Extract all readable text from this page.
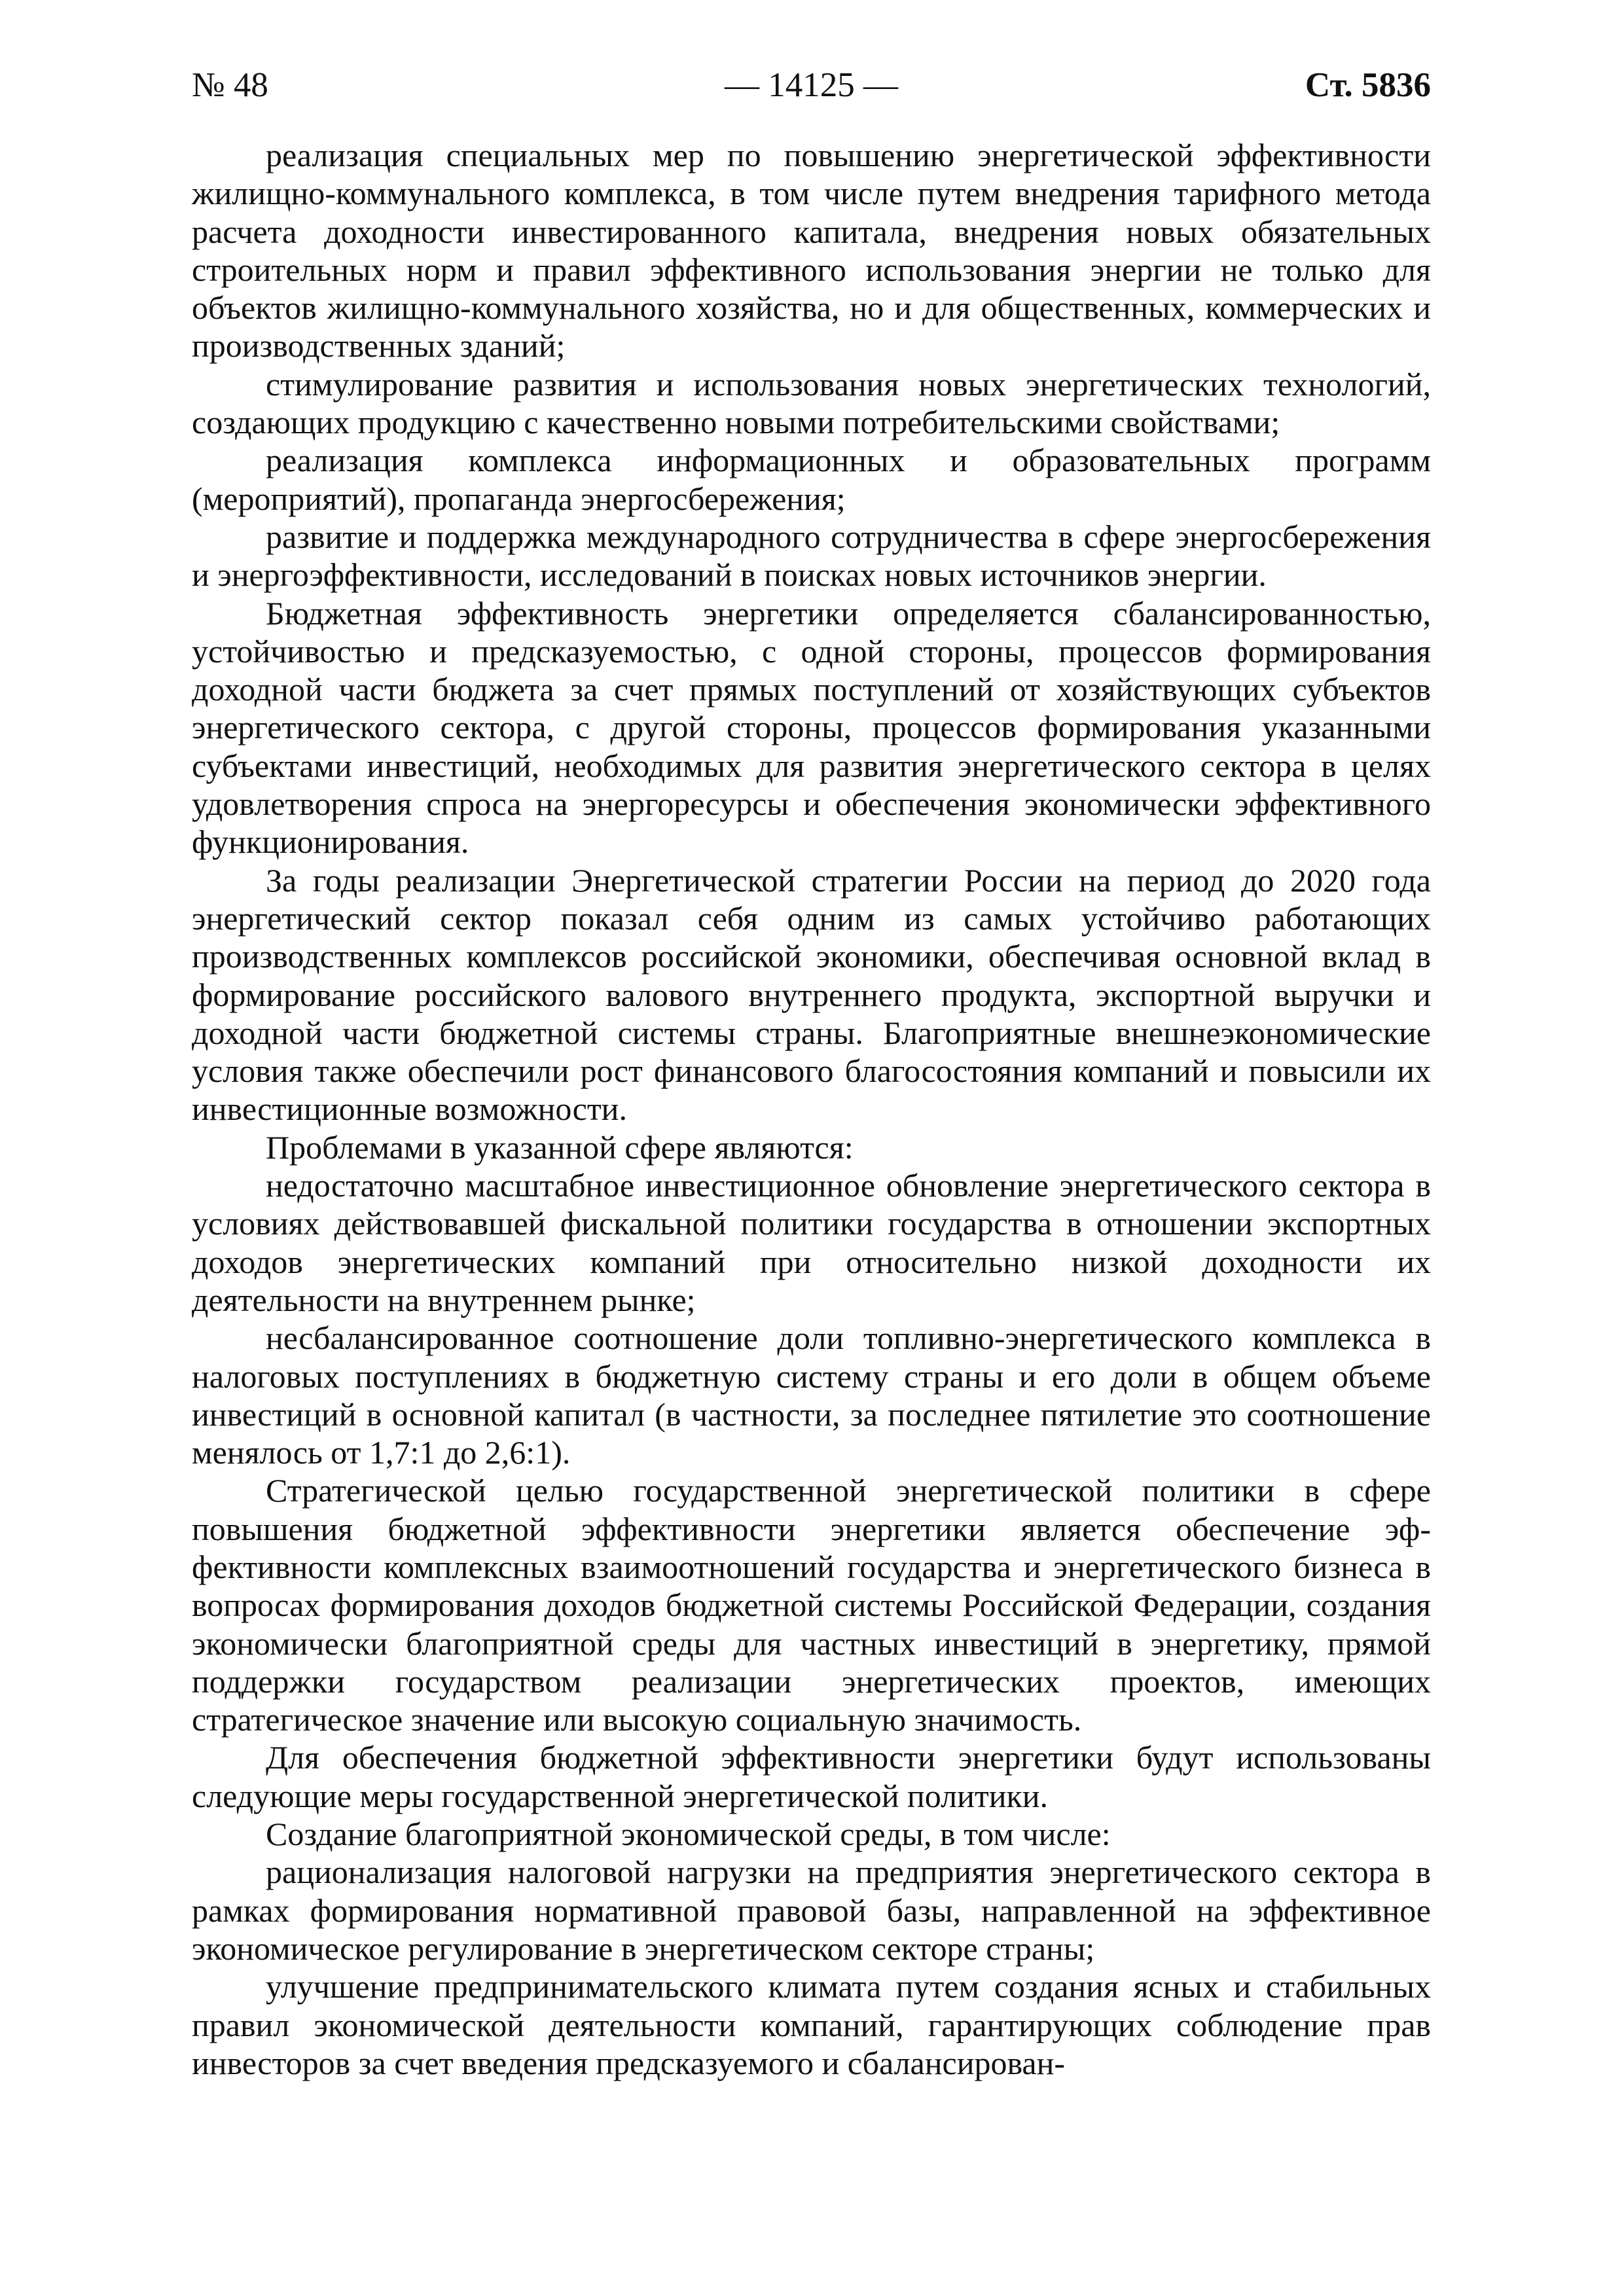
№ 48	— 14125 —	Ст. 5836

реализация специальных мер по повышению энергетической эффективности жилищно-коммунального комплекса, в том числе путем внедрения тарифного метода расчета доходности инвестированного капитала, внедрения новых обязательных строительных норм и правил эффективного использования энергии не только для объектов жилищно-коммунального хозяйства, но и для общественных, коммерческих и производственных зданий;

стимулирование развития и использования новых энергетических технологий, создающих продукцию с качественно новыми потребительскими свойствами;

реализация комплекса информационных и образовательных программ (мероприятий), пропаганда энергосбережения;

развитие и поддержка международного сотрудничества в сфере энергосбережения и энергоэффективности, исследований в поисках новых источников энергии.

Бюджетная эффективность энергетики определяется сбалансированностью, устойчивостью и предсказуемостью, с одной стороны, процессов формирования доходной части бюджета за счет прямых поступлений от хозяйствующих субъектов энергетического сектора, с другой стороны, процессов формирования указанными субъектами инвестиций, необходимых для развития энергетического сектора в целях удовлетворения спроса на энергоресурсы и обеспечения экономически эффективного функционирования.

За годы реализации Энергетической стратегии России на период до 2020 года энергетический сектор показал себя одним из самых устойчиво работающих производственных комплексов российской экономики, обеспечивая основной вклад в формирование российского валового внутреннего продукта, экспортной выручки и доходной части бюджетной системы страны. Благоприятные внешнеэкономические условия также обеспечили рост финансового благосостояния компаний и повысили их инвестиционные возможности.

Проблемами в указанной сфере являются:

недостаточно масштабное инвестиционное обновление энергетического сектора в условиях действовавшей фискальной политики государства в отношении экспортных доходов энергетических компаний при относительно низкой доходности их деятельности на внутреннем рынке;

несбалансированное соотношение доли топливно-энергетического комплекса в налоговых поступлениях в бюджетную систему страны и его доли в общем объеме инвестиций в основной капитал (в частности, за последнее пятилетие это соотношение менялось от 1,7:1 до 2,6:1).

Стратегической целью государственной энергетической политики в сфере повышения бюджетной эффективности энергетики является обеспечение эффективности комплексных взаимоотношений государства и энергетического бизнеса в вопросах формирования доходов бюджетной системы Российской Федерации, создания экономически благоприятной среды для частных инвестиций в энергетику, прямой поддержки государством реализации энергетических проектов, имеющих стратегическое значение или высокую социальную значимость.

Для обеспечения бюджетной эффективности энергетики будут использованы следующие меры государственной энергетической политики.

Создание благоприятной экономической среды, в том числе:

рационализация налоговой нагрузки на предприятия энергетического сектора в рамках формирования нормативной правовой базы, направленной на эффективное экономическое регулирование в энергетическом секторе страны;

улучшение предпринимательского климата путем создания ясных и стабильных правил экономической деятельности компаний, гарантирующих соблюдение прав инвесторов за счет введения предсказуемого и сбалансирован-
